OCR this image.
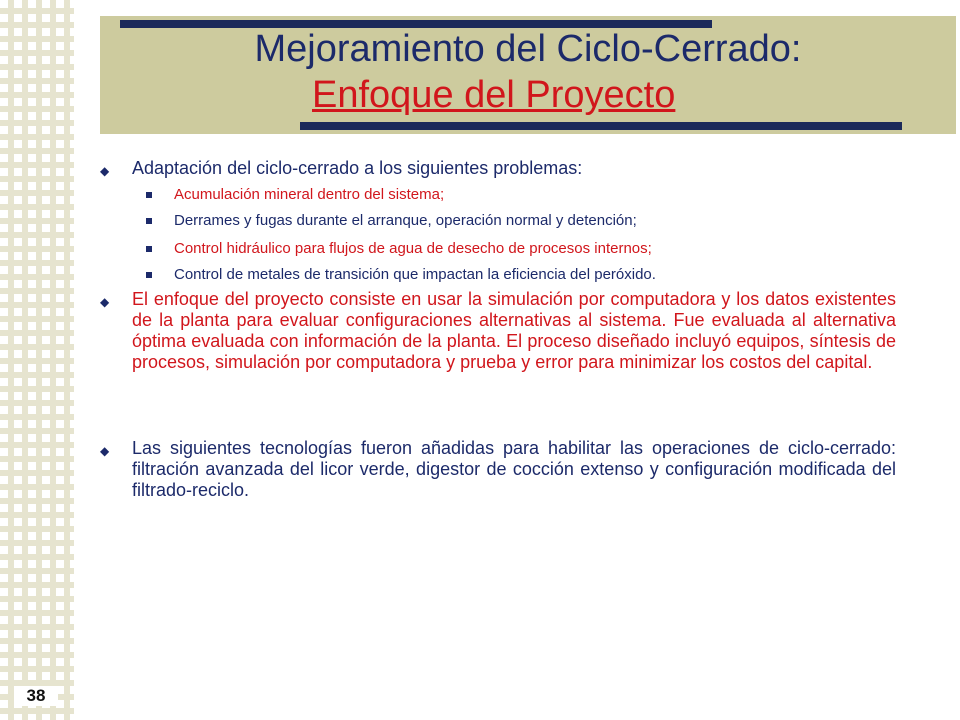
38
Mejoramiento del Ciclo-Cerrado:
Enfoque del Proyecto
◆ Adaptación del ciclo-cerrado a los siguientes problemas:
Acumulación mineral dentro del sistema;
Derrames y fugas durante el arranque, operación normal y detención;
Control hidráulico para flujos de agua de desecho de procesos internos;
Control de metales de transición que impactan la eficiencia del peróxido.
◆ El enfoque del proyecto consiste en usar la simulación por computadora y los datos existentes de la planta para evaluar configuraciones alternativas al sistema. Fue evaluada al alternativa óptima evaluada con información de la planta. El proceso diseñado incluyó equipos, síntesis de procesos, simulación por computadora y prueba y error para minimizar los costos del capital.
◆ Las siguientes tecnologías fueron añadidas para habilitar las operaciones de ciclo-cerrado: filtración avanzada del licor verde, digestor de cocción extenso y configuración modificada del filtrado-reciclo.
